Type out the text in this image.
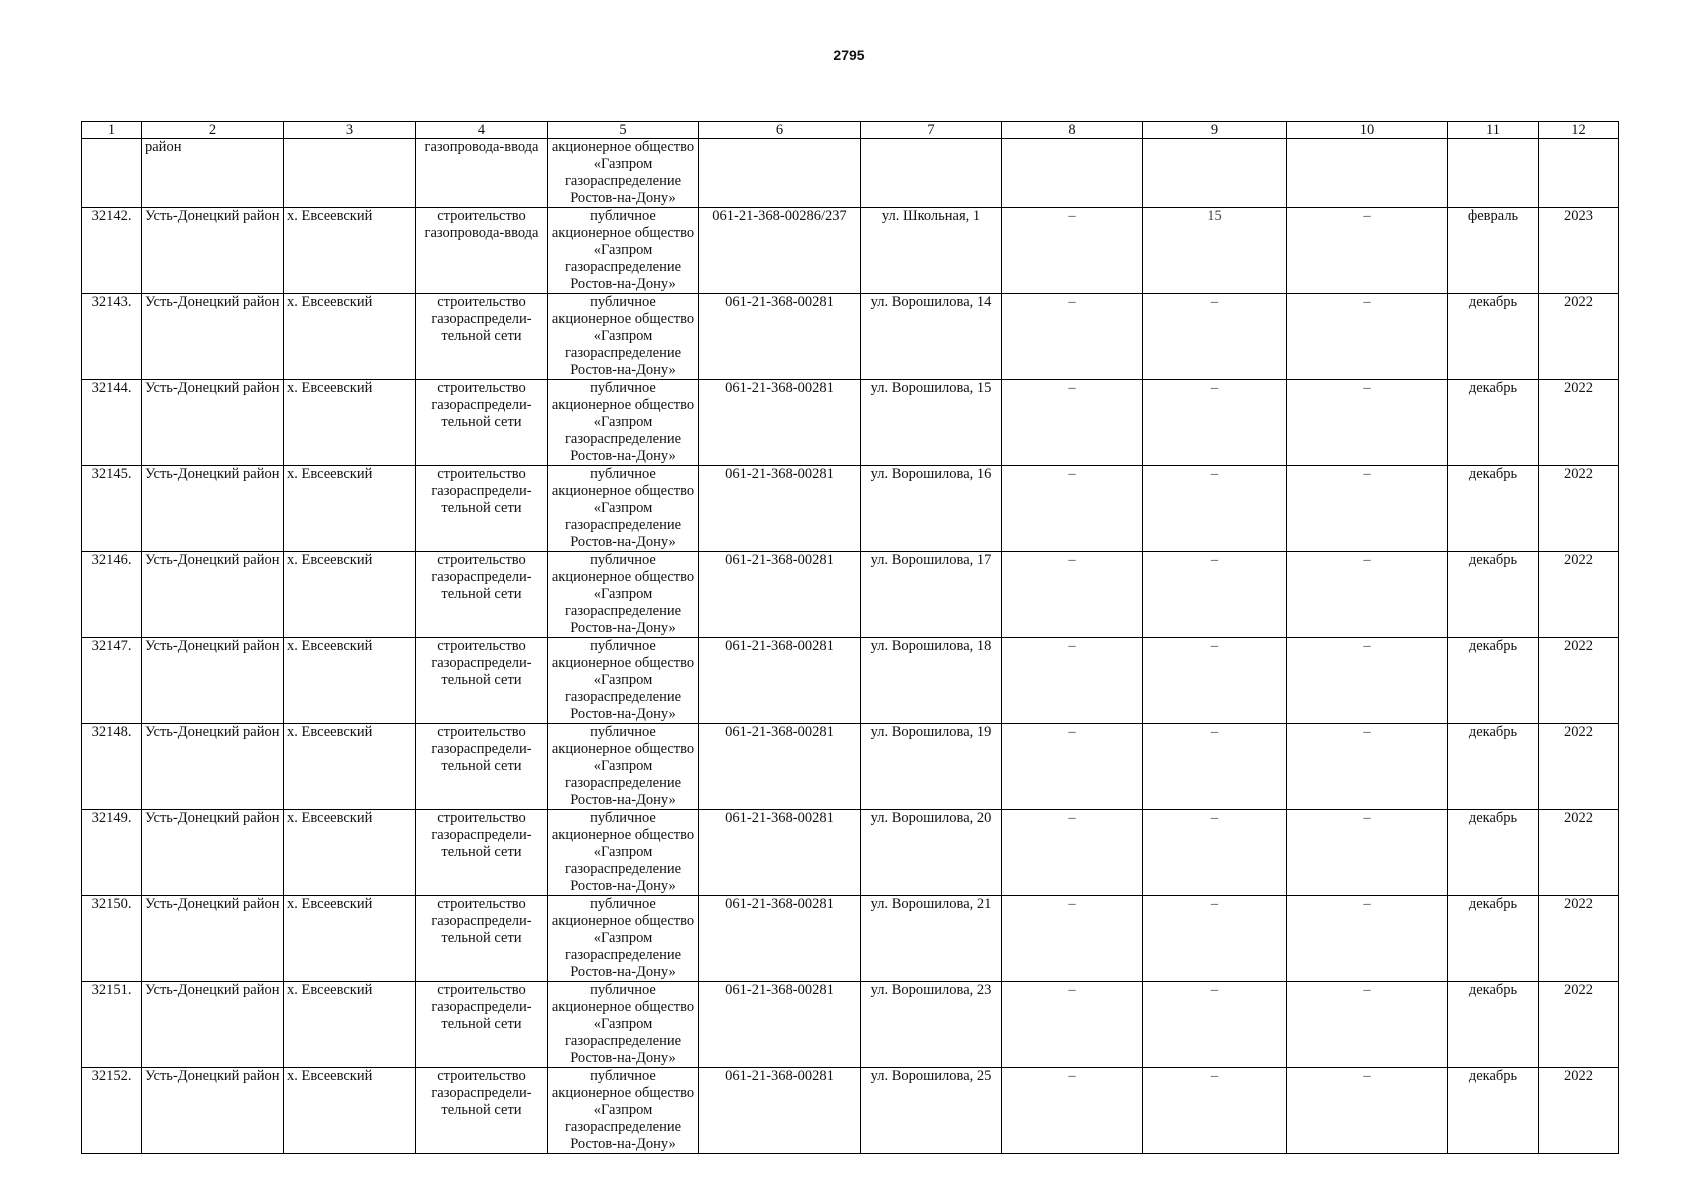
2795
1	2	3	4	5	6	7	8	9	10	11	12
	район		газопровода-ввода	акционерное общество «Газпром газораспределение Ростов-на-Дону»							
32142.	Усть-Донецкий район	х. Евсеевский	строительство газопровода-ввода	публичное акционерное общество «Газпром газораспределение Ростов-на-Дону»	061-21-368-00286/237	ул. Школьная, 1	–	15	–	февраль	2023
32143.	Усть-Донецкий район	х. Евсеевский	строительство газораспредели-тельной сети	публичное акционерное общество «Газпром газораспределение Ростов-на-Дону»	061-21-368-00281	ул. Ворошилова, 14	–	–	–	декабрь	2022
32144.	Усть-Донецкий район	х. Евсеевский	строительство газораспредели-тельной сети	публичное акционерное общество «Газпром газораспределение Ростов-на-Дону»	061-21-368-00281	ул. Ворошилова, 15	–	–	–	декабрь	2022
32145.	Усть-Донецкий район	х. Евсеевский	строительство газораспредели-тельной сети	публичное акционерное общество «Газпром газораспределение Ростов-на-Дону»	061-21-368-00281	ул. Ворошилова, 16	–	–	–	декабрь	2022
32146.	Усть-Донецкий район	х. Евсеевский	строительство газораспредели-тельной сети	публичное акционерное общество «Газпром газораспределение Ростов-на-Дону»	061-21-368-00281	ул. Ворошилова, 17	–	–	–	декабрь	2022
32147.	Усть-Донецкий район	х. Евсеевский	строительство газораспредели-тельной сети	публичное акционерное общество «Газпром газораспределение Ростов-на-Дону»	061-21-368-00281	ул. Ворошилова, 18	–	–	–	декабрь	2022
32148.	Усть-Донецкий район	х. Евсеевский	строительство газораспредели-тельной сети	публичное акционерное общество «Газпром газораспределение Ростов-на-Дону»	061-21-368-00281	ул. Ворошилова, 19	–	–	–	декабрь	2022
32149.	Усть-Донецкий район	х. Евсеевский	строительство газораспредели-тельной сети	публичное акционерное общество «Газпром газораспределение Ростов-на-Дону»	061-21-368-00281	ул. Ворошилова, 20	–	–	–	декабрь	2022
32150.	Усть-Донецкий район	х. Евсеевский	строительство газораспредели-тельной сети	публичное акционерное общество «Газпром газораспределение Ростов-на-Дону»	061-21-368-00281	ул. Ворошилова, 21	–	–	–	декабрь	2022
32151.	Усть-Донецкий район	х. Евсеевский	строительство газораспредели-тельной сети	публичное акционерное общество «Газпром газораспределение Ростов-на-Дону»	061-21-368-00281	ул. Ворошилова, 23	–	–	–	декабрь	2022
32152.	Усть-Донецкий район	х. Евсеевский	строительство газораспредели-тельной сети	публичное акционерное общество «Газпром газораспределение Ростов-на-Дону»	061-21-368-00281	ул. Ворошилова, 25	–	–	–	декабрь	2022
